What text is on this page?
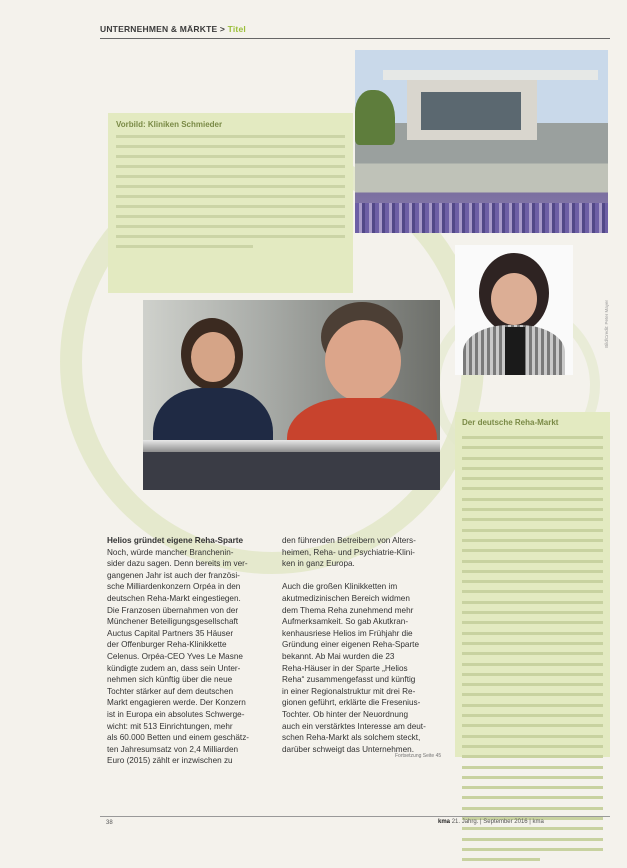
UNTERNEHMEN & MÄRKTE > Titel
Vorbild: Kliniken Schmieder
Bild/Credit: Peter Mayer

Helios gründet eigene Reha-Sparte

Noch, würde mancher Branchenin-

sider dazu sagen. Denn bereits im ver-

gangenen Jahr ist auch der französi-

sche Milliardenkonzern Orpéa in den

deutschen Reha-Markt eingestiegen.

Die Franzosen übernahmen von der

Münchener Beteiligungsgesellschaft

Auctus Capital Partners 35 Häuser

der Offenburger Reha-Klinikkette

Celenus. Orpéa-CEO Yves Le Masne

kündigte zudem an, dass sein Unter-

nehmen sich künftig über die neue

Tochter stärker auf dem deutschen

Markt engagieren werde. Der Konzern

ist in Europa ein absolutes Schwerge-

wicht: mit 513 Einrichtungen, mehr

als 60.000 Betten und einem geschätz-

ten Jahresumsatz von 2,4 Milliarden

Euro (2015) zählt er inzwischen zu

den führenden Betreibern von Alters-

heimen, Reha- und Psychiatrie-Klini-

ken in ganz Europa.

Auch die großen Klinikketten im

akutmedizinischen Bereich widmen

dem Thema Reha zunehmend mehr

Aufmerksamkeit. So gab Akutkran-

kenhausriese Helios im Frühjahr die

Gründung einer eigenen Reha-Sparte

bekannt. Ab Mai wurden die 23

Reha-Häuser in der Sparte „Helios

Reha“ zusammengefasst und künftig

in einer Regionalstruktur mit drei Re-

gionen geführt, erklärte die Fresenius-

Tochter. Ob hinter der Neuordnung

auch ein verstärktes Interesse am deut-

schen Reha-Markt als solchem steckt,

darüber schweigt das Unternehmen.

Fortsetzung Seite 45
Der deutsche Reha-Markt
38	kma 21. Jahrg. | September 2016 | kma
